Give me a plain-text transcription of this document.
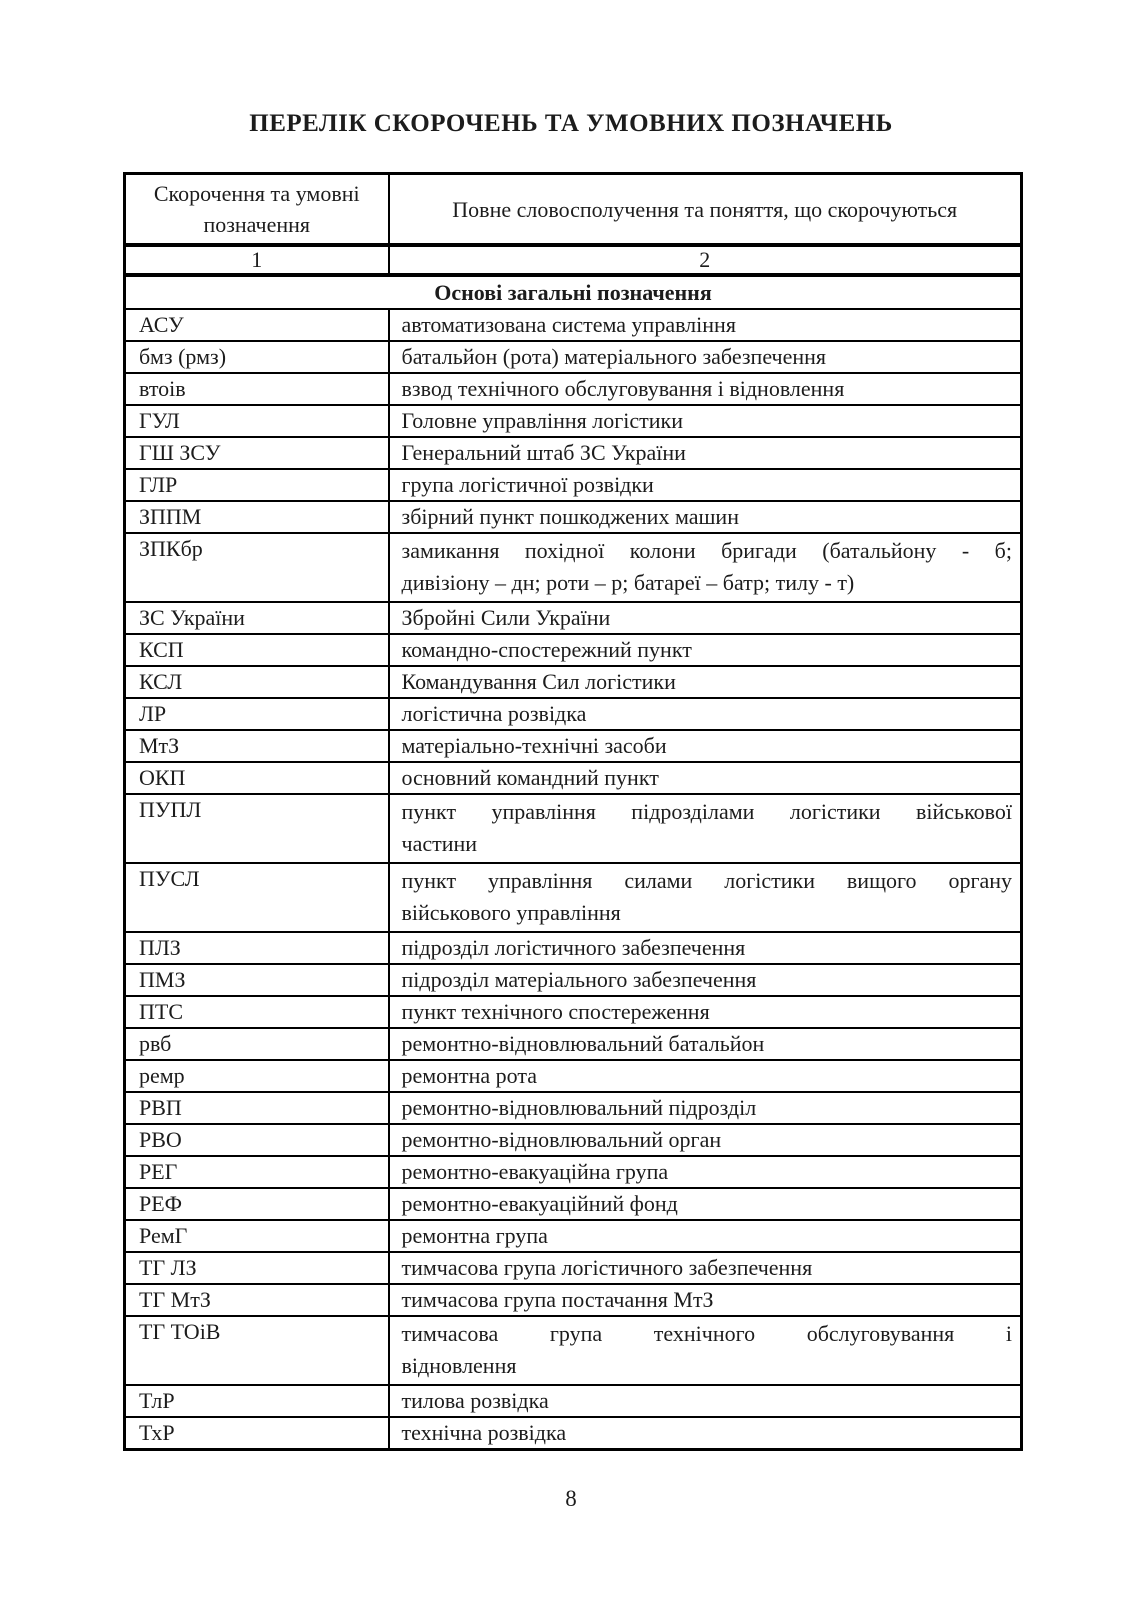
ПЕРЕЛІК СКОРОЧЕНЬ ТА УМОВНИХ ПОЗНАЧЕНЬ
Скорочення та умовні позначення	Повне словосполучення та поняття, що скорочуються
1	2
Основі загальні позначення	
АСУ	автоматизована система управління
бмз (рмз)	батальйон (рота) матеріального забезпечення
втоів	взвод технічного обслуговування і відновлення
ГУЛ	Головне управління логістики
ГШ ЗСУ	Генеральний штаб ЗС України
ГЛР	група логістичної розвідки
ЗППМ	збірний пункт пошкоджених машин
ЗПКбр	замикання похідної колони бригади (батальйону - б;
дивізіону – дн; роти – р; батареї – батр; тилу - т)

ЗС України	Збройні Сили України
КСП	командно-спостережний пункт
КСЛ	Командування Сил логістики
ЛР	логістична розвідка
МтЗ	матеріально-технічні засоби
ОКП	основний командний пункт
ПУПЛ	пункт управління підрозділами логістики військової
частини

ПУСЛ	пункт управління силами логістики вищого органу
військового управління

ПЛЗ	підрозділ логістичного забезпечення
ПМЗ	підрозділ матеріального забезпечення
ПТС	пункт технічного спостереження
рвб	ремонтно-відновлювальний батальйон
ремр	ремонтна рота
РВП	ремонтно-відновлювальний підрозділ
РВО	ремонтно-відновлювальний орган
РЕГ	ремонтно-евакуаційна група
РЕФ	ремонтно-евакуаційний фонд
РемГ	ремонтна група
ТГ ЛЗ	тимчасова група логістичного забезпечення
ТГ МтЗ	тимчасова група постачання МтЗ
ТГ ТОіВ	тимчасова група технічного обслуговування і
відновлення

ТлР	тилова розвідка
ТхР	технічна розвідка
8
